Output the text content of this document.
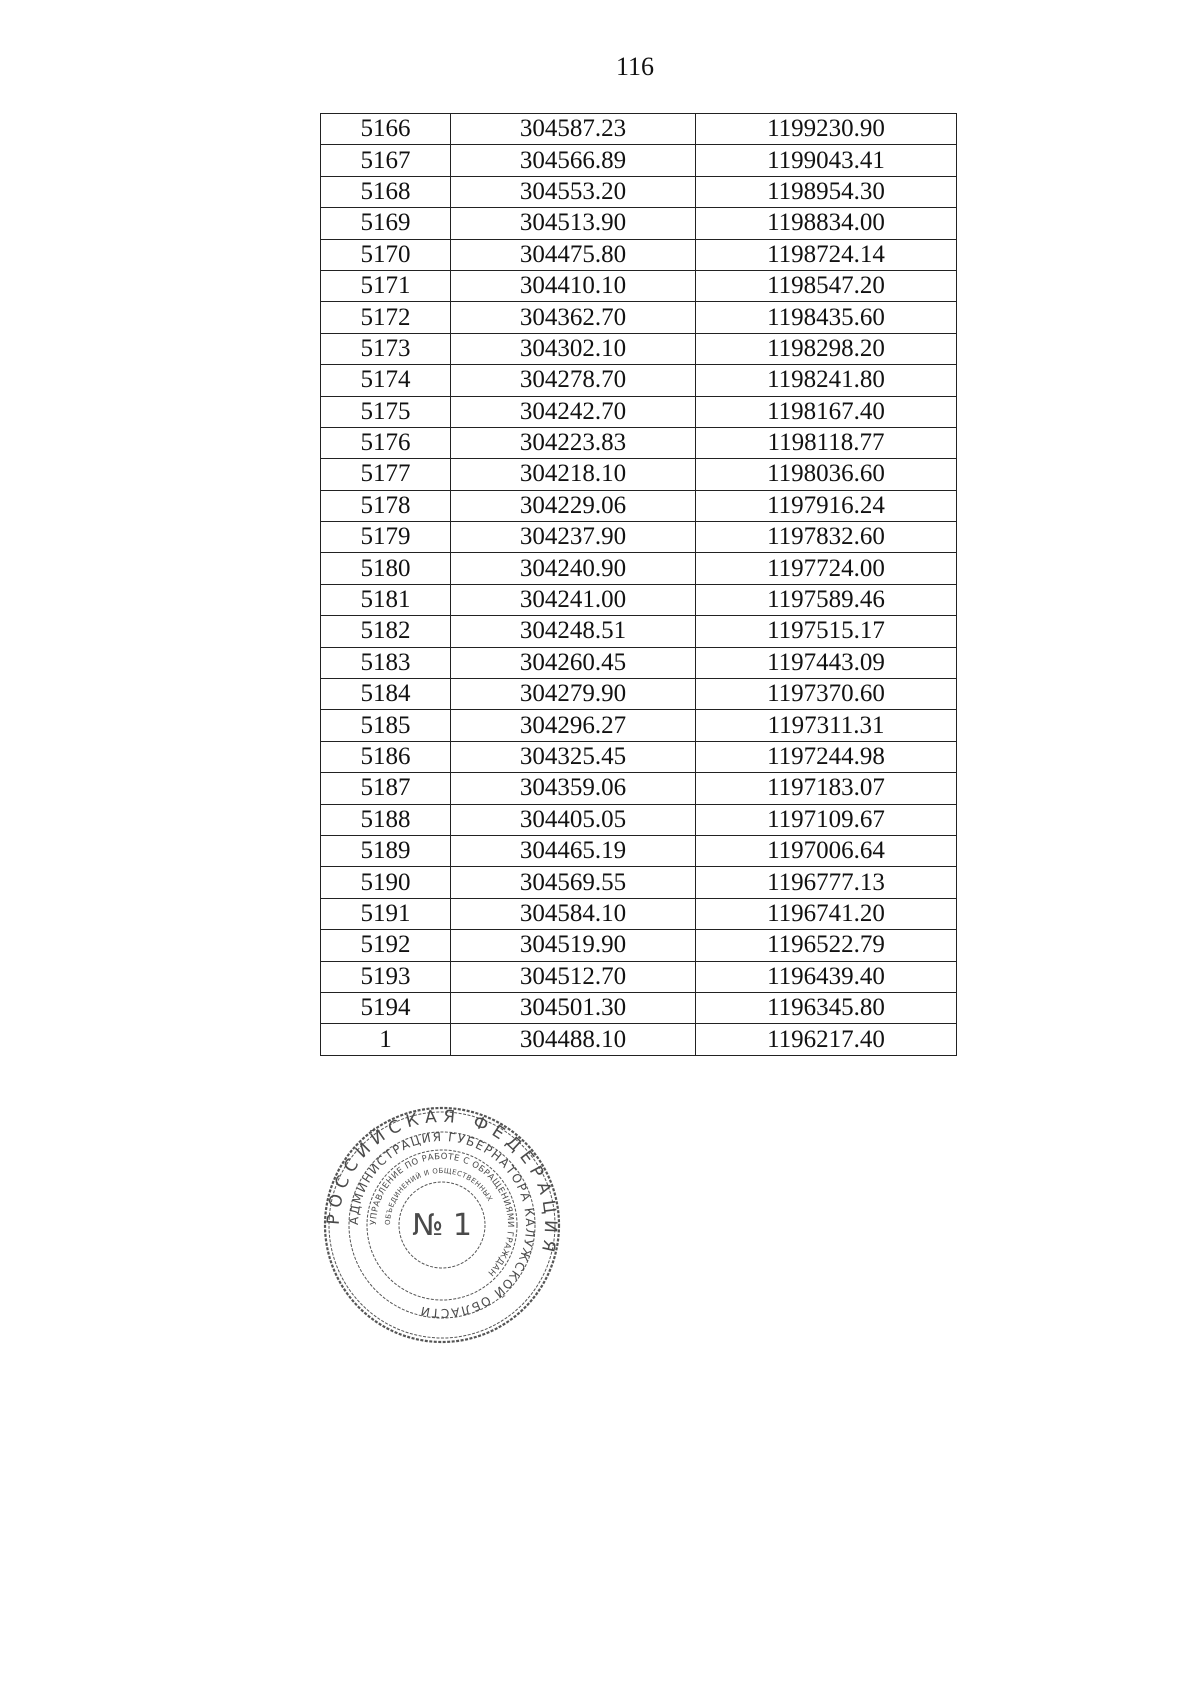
116
5166	304587.23	1199230.90
5167	304566.89	1199043.41
5168	304553.20	1198954.30
5169	304513.90	1198834.00
5170	304475.80	1198724.14
5171	304410.10	1198547.20
5172	304362.70	1198435.60
5173	304302.10	1198298.20
5174	304278.70	1198241.80
5175	304242.70	1198167.40
5176	304223.83	1198118.77
5177	304218.10	1198036.60
5178	304229.06	1197916.24
5179	304237.90	1197832.60
5180	304240.90	1197724.00
5181	304241.00	1197589.46
5182	304248.51	1197515.17
5183	304260.45	1197443.09
5184	304279.90	1197370.60
5185	304296.27	1197311.31
5186	304325.45	1197244.98
5187	304359.06	1197183.07
5188	304405.05	1197109.67
5189	304465.19	1197006.64
5190	304569.55	1196777.13
5191	304584.10	1196741.20
5192	304519.90	1196522.79
5193	304512.70	1196439.40
5194	304501.30	1196345.80
1	304488.10	1196217.40
РОССИЙСКАЯ ФЕДЕРАЦИЯ
АДМИНИСТРАЦИЯ ГУБЕРНАТОРА КАЛУЖСКОЙ ОБЛАСТИ
УПРАВЛЕНИЕ ПО РАБОТЕ С ОБРАЩЕНИЯМИ ГРАЖДАН
ОБЪЕДИНЕНИЙ И ОБЩЕСТВЕННЫХ
№ 1
